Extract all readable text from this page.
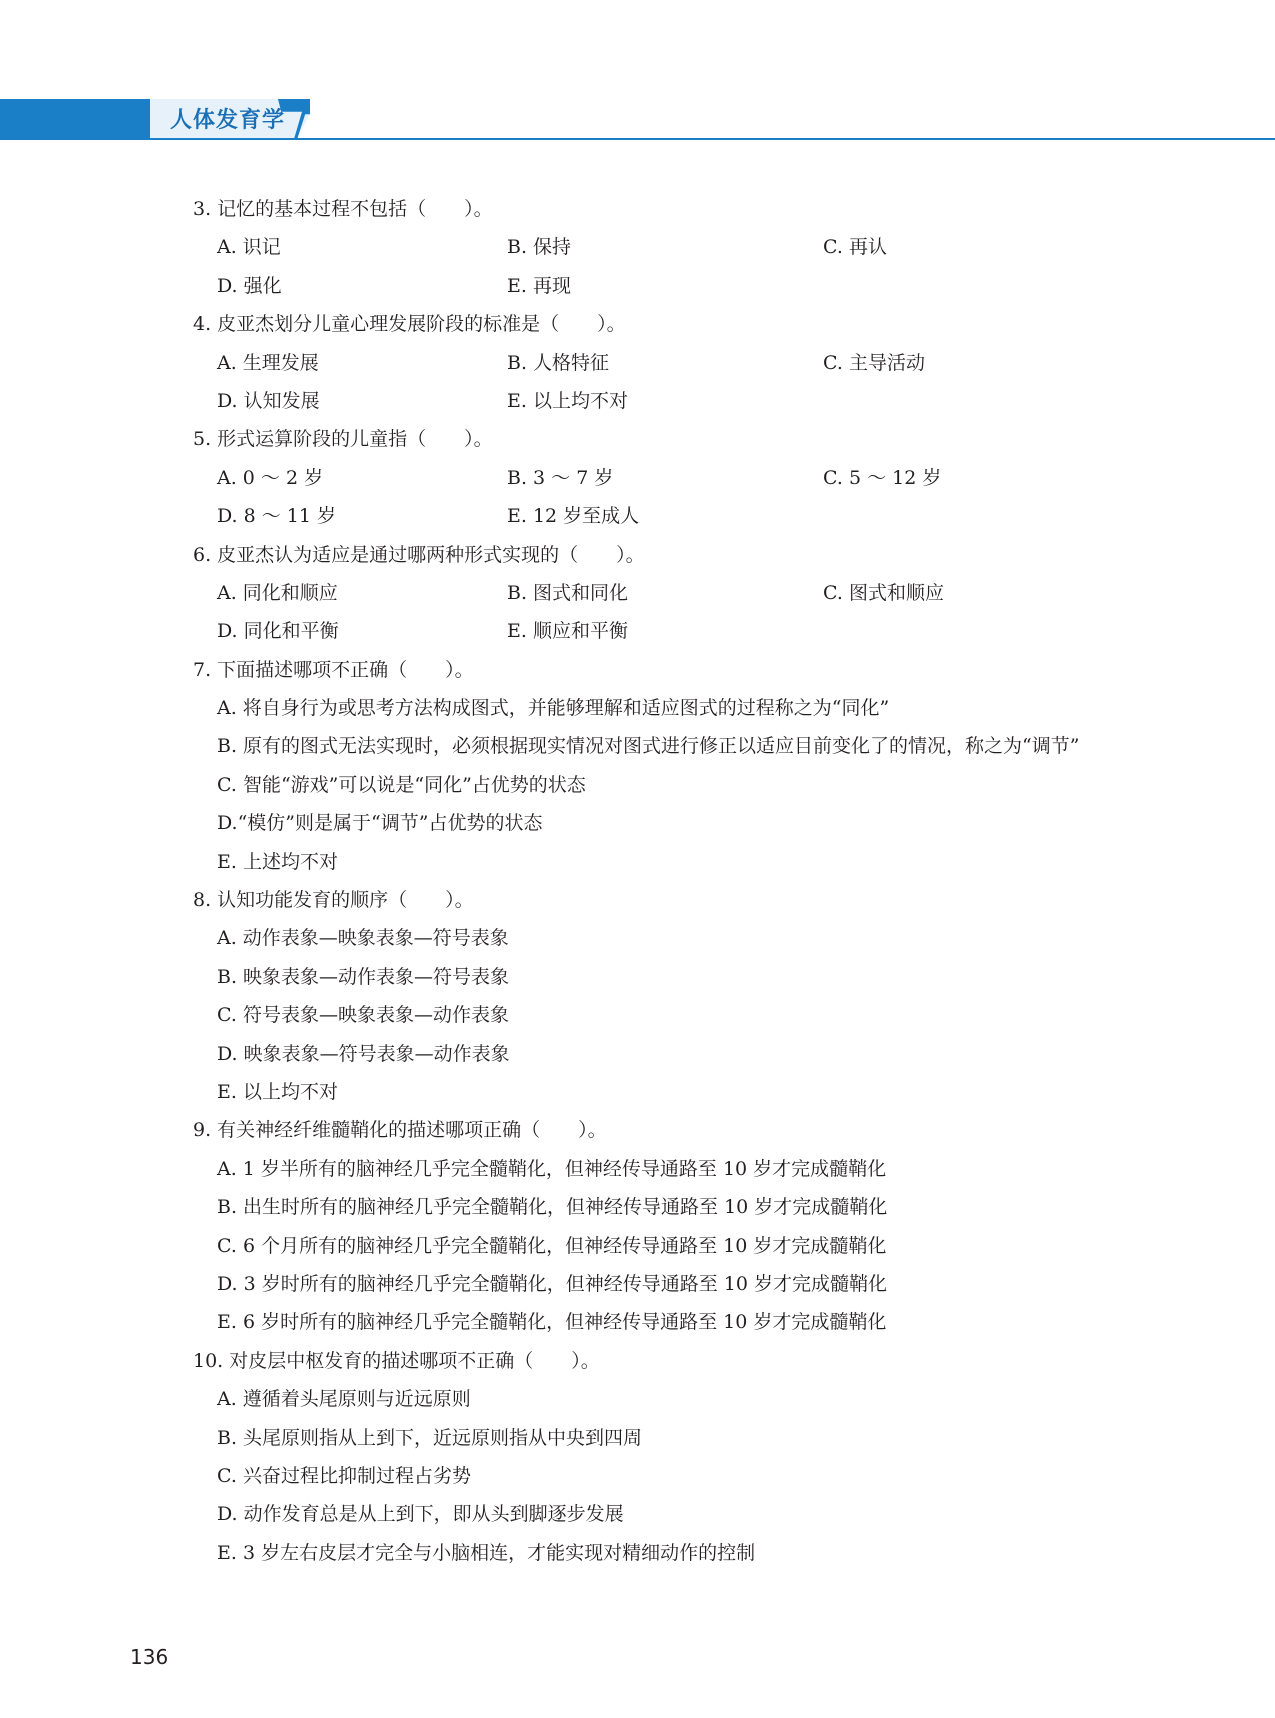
人体发育学
3. 记忆的基本过程不包括（　　）。
A. 识记	B. 保持	C. 再认
D. 强化	E. 再现
4. 皮亚杰划分儿童心理发展阶段的标准是（　　）。
A. 生理发展	B. 人格特征	C. 主导活动
D. 认知发展	E. 以上均不对
5. 形式运算阶段的儿童指（　　）。
A. 0 ～ 2 岁	B. 3 ～ 7 岁	C. 5 ～ 12 岁
D. 8 ～ 11 岁	E. 12 岁至成人
6. 皮亚杰认为适应是通过哪两种形式实现的（　　）。
A. 同化和顺应	B. 图式和同化	C. 图式和顺应
D. 同化和平衡	E. 顺应和平衡
7. 下面描述哪项不正确（　　）。
A. 将自身行为或思考方法构成图式，并能够理解和适应图式的过程称之为“同化”
B. 原有的图式无法实现时，必须根据现实情况对图式进行修正以适应目前变化了的情况，称之为“调节”
C. 智能“游戏”可以说是“同化”占优势的状态
D.“模仿”则是属于“调节”占优势的状态
E. 上述均不对
8. 认知功能发育的顺序（　　）。
A. 动作表象—映象表象—符号表象
B. 映象表象—动作表象—符号表象
C. 符号表象—映象表象—动作表象
D. 映象表象—符号表象—动作表象
E. 以上均不对
9. 有关神经纤维髓鞘化的描述哪项正确（　　）。
A. 1 岁半所有的脑神经几乎完全髓鞘化，但神经传导通路至 10 岁才完成髓鞘化
B. 出生时所有的脑神经几乎完全髓鞘化，但神经传导通路至 10 岁才完成髓鞘化
C. 6 个月所有的脑神经几乎完全髓鞘化，但神经传导通路至 10 岁才完成髓鞘化
D. 3 岁时所有的脑神经几乎完全髓鞘化，但神经传导通路至 10 岁才完成髓鞘化
E. 6 岁时所有的脑神经几乎完全髓鞘化，但神经传导通路至 10 岁才完成髓鞘化
10. 对皮层中枢发育的描述哪项不正确（　　）。
A. 遵循着头尾原则与近远原则
B. 头尾原则指从上到下，近远原则指从中央到四周
C. 兴奋过程比抑制过程占劣势
D. 动作发育总是从上到下，即从头到脚逐步发展
E. 3 岁左右皮层才完全与小脑相连，才能实现对精细动作的控制
136
